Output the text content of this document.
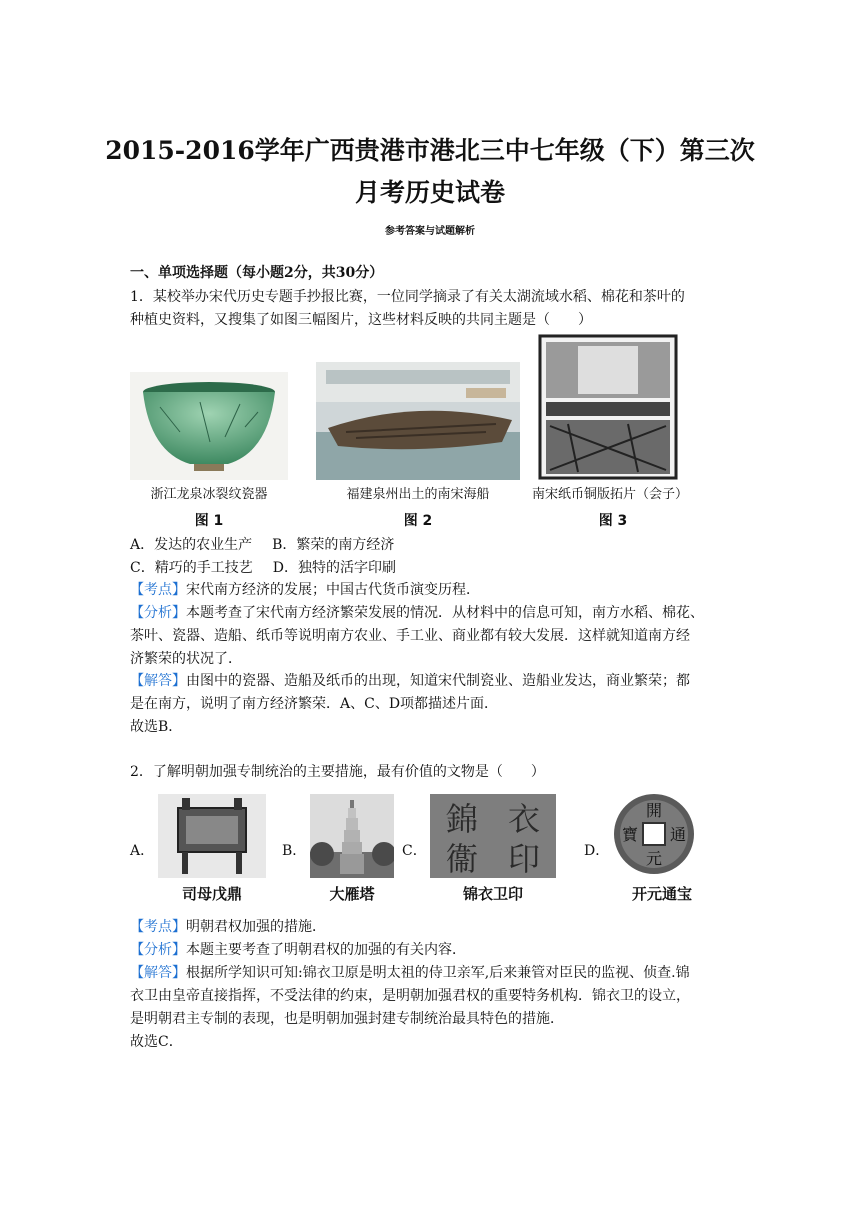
2015-2016学年广西贵港市港北三中七年级（下）第三次
月考历史试卷
参考答案与试题解析
一、单项选择题（每小题2分，共30分）
1．某校举办宋代历史专题手抄报比赛，一位同学摘录了有关太湖流域水稻、棉花和茶叶的
种植史资料，又搜集了如图三幅图片，这些材料反映的共同主题是（　　）
浙江龙泉冰裂纹瓷器
图 1
福建泉州出土的南宋海船
图 2
南宋纸币铜版拓片（会子）
图 3
A．发达的农业生产 B．繁荣的南方经济
C．精巧的手工技艺 D．独特的活字印刷
【考点】宋代南方经济的发展；中国古代货币演变历程．
【分析】本题考查了宋代南方经济繁荣发展的情况．从材料中的信息可知，南方水稻、棉花、
茶叶、瓷器、造船、纸币等说明南方农业、手工业、商业都有较大发展．这样就知道南方经
济繁荣的状况了．
【解答】由图中的瓷器、造船及纸币的出现，知道宋代制瓷业、造船业发达，商业繁荣；都
是在南方，说明了南方经济繁荣．A、C、D项都描述片面．
故选B．
2．了解明朝加强专制统治的主要措施，最有价值的文物是（　　）
A．
司母戊鼎
B．
大雁塔
C．
錦 衣
衞 印
锦衣卫印
D．
開
通
元
寶
开元通宝
【考点】明朝君权加强的措施．
【分析】本题主要考查了明朝君权的加强的有关内容．
【解答】根据所学知识可知:锦衣卫原是明太祖的侍卫亲军,后来兼管对臣民的监视、侦查.锦
衣卫由皇帝直接指挥，不受法律的约束，是明朝加强君权的重要特务机构．锦衣卫的设立，
是明朝君主专制的表现，也是明朝加强封建专制统治最具特色的措施．
故选C．
